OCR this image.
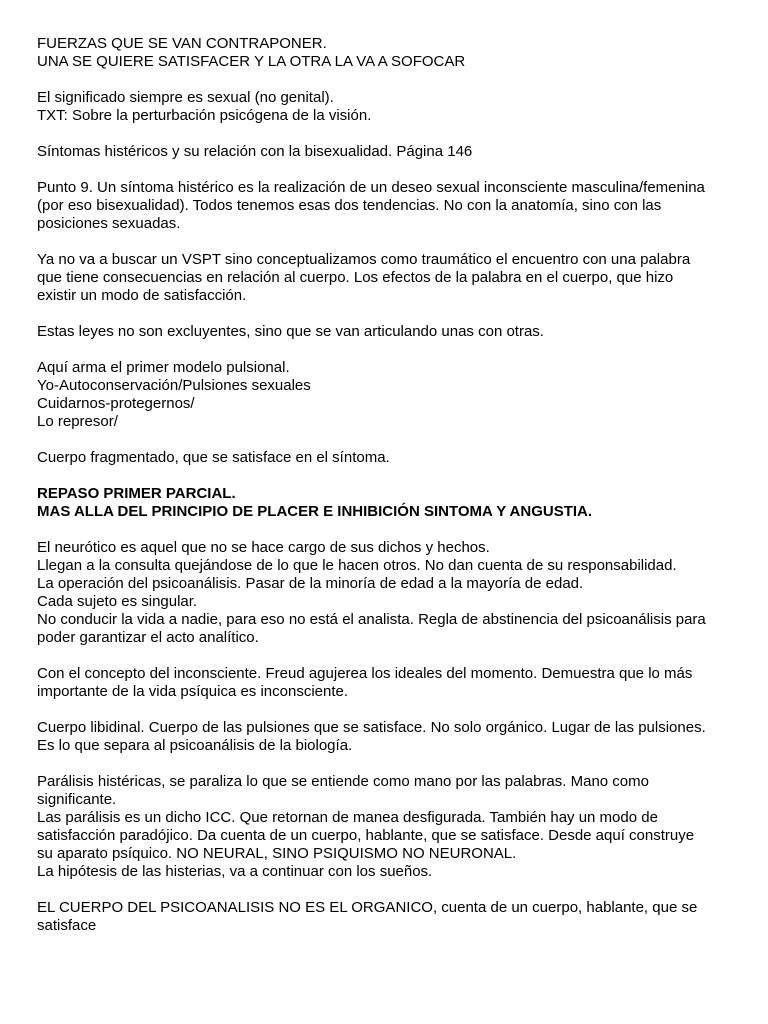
FUERZAS QUE SE VAN CONTRAPONER.
UNA SE QUIERE SATISFACER Y LA OTRA LA VA A SOFOCAR
El significado siempre es sexual (no genital).
TXT: Sobre la perturbación psicógena de la visión.
Síntomas histéricos y su relación con la bisexualidad. Página 146
Punto 9. Un síntoma histérico es la realización de un deseo sexual inconsciente masculina/femenina
(por eso bisexualidad). Todos tenemos esas dos tendencias. No con la anatomía, sino con las
posiciones sexuadas.
Ya no va a buscar un VSPT sino conceptualizamos como traumático el encuentro con una palabra
que tiene consecuencias en relación al cuerpo. Los efectos de la palabra en el cuerpo, que hizo
existir un modo de satisfacción.
Estas leyes no son excluyentes, sino que se van articulando unas con otras.
Aquí arma el primer modelo pulsional.
Yo-Autoconservación/Pulsiones sexuales
Cuidarnos-protegernos/
Lo represor/
Cuerpo fragmentado, que se satisface en el síntoma.
REPASO PRIMER PARCIAL.
MAS ALLA DEL PRINCIPIO DE PLACER E INHIBICIÓN SINTOMA Y ANGUSTIA.
El neurótico es aquel que no se hace cargo de sus dichos y hechos.
Llegan a la consulta quejándose de lo que le hacen otros. No dan cuenta de su responsabilidad.
La operación del psicoanálisis. Pasar de la minoría de edad a la mayoría de edad.
Cada sujeto es singular.
No conducir la vida a nadie, para eso no está el analista. Regla de abstinencia del psicoanálisis para
poder garantizar el acto analítico.
Con el concepto del inconsciente. Freud agujerea los ideales del momento. Demuestra que lo más
importante de la vida psíquica es inconsciente.
Cuerpo libidinal. Cuerpo de las pulsiones que se satisface. No solo orgánico. Lugar de las pulsiones.
Es lo que separa al psicoanálisis de la biología.
Parálisis histéricas, se paraliza lo que se entiende como mano por las palabras. Mano como
significante.
Las parálisis es un dicho ICC. Que retornan de manea desfigurada. También hay un modo de
satisfacción paradójico. Da cuenta de un cuerpo, hablante, que se satisface. Desde aquí construye
su aparato psíquico. NO NEURAL, SINO PSIQUISMO NO NEURONAL.
La hipótesis de las histerias, va a continuar con los sueños.
EL CUERPO DEL PSICOANALISIS NO ES EL ORGANICO, cuenta de un cuerpo, hablante, que se
satisface
